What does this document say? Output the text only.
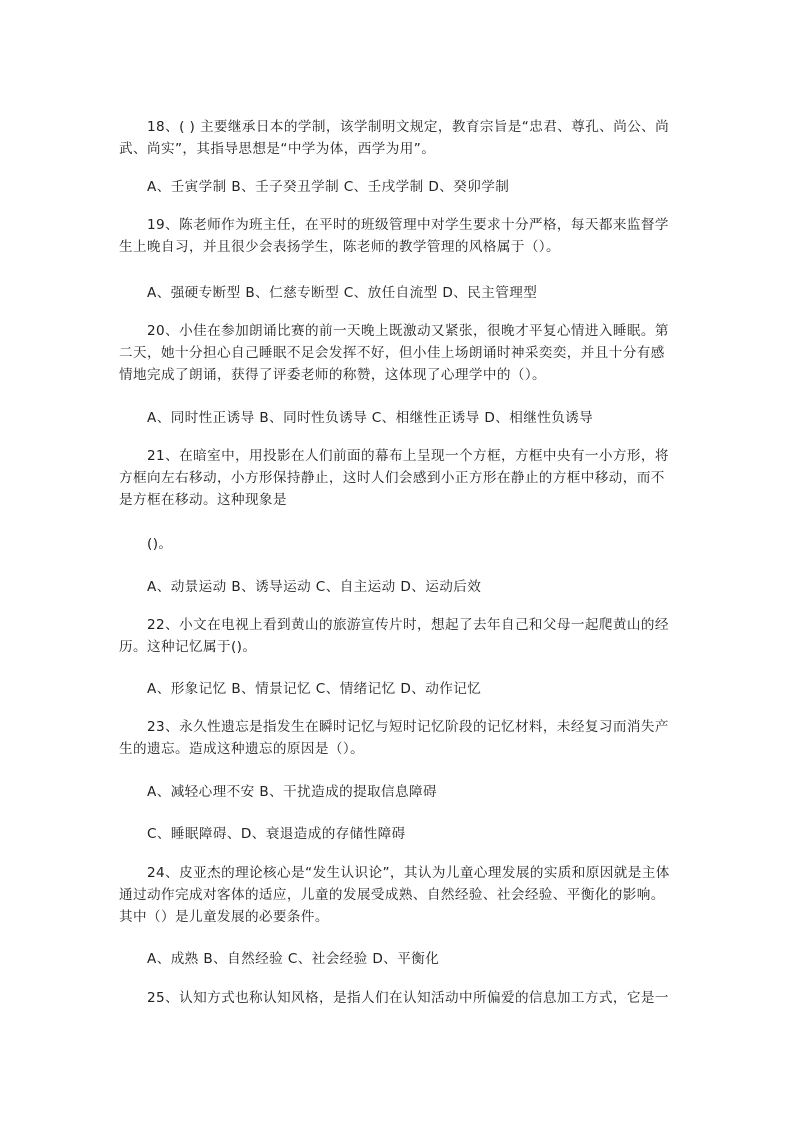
18、( ) 主要继承日本的学制，该学制明文规定，教育宗旨是“忠君、尊孔、尚公、尚
武、尚实”，其指导思想是“中学为体，西学为用”。
A、壬寅学制 B、壬子癸丑学制 C、壬戌学制 D、癸卯学制
19、陈老师作为班主任，在平时的班级管理中对学生要求十分严格，每天都来监督学
生上晚自习，并且很少会表扬学生，陈老师的教学管理的风格属于（）。
A、强硬专断型 B、仁慈专断型 C、放任自流型 D、民主管理型
20、小佳在参加朗诵比赛的前一天晚上既激动又紧张，很晚才平复心情进入睡眠。第
二天，她十分担心自己睡眠不足会发挥不好，但小佳上场朗诵时神采奕奕，并且十分有感
情地完成了朗诵，获得了评委老师的称赞，这体现了心理学中的（）。
A、同时性正诱导 B、同时性负诱导 C、相继性正诱导 D、相继性负诱导
21、在暗室中，用投影在人们前面的幕布上呈现一个方框，方框中央有一小方形，将
方框向左右移动，小方形保持静止，这时人们会感到小正方形在静止的方框中移动，而不
是方框在移动。这种现象是
()。
A、动景运动 B、诱导运动 C、自主运动 D、运动后效
22、小文在电视上看到黄山的旅游宣传片时，想起了去年自己和父母一起爬黄山的经
历。这种记忆属于()。
A、形象记忆 B、情景记忆 C、情绪记忆 D、动作记忆
23、永久性遗忘是指发生在瞬时记忆与短时记忆阶段的记忆材料，未经复习而消失产
生的遗忘。造成这种遗忘的原因是（）。
A、减轻心理不安 B、干扰造成的提取信息障碍
C、睡眠障碍、D、衰退造成的存储性障碍
24、皮亚杰的理论核心是“发生认识论”，其认为儿童心理发展的实质和原因就是主体
通过动作完成对客体的适应，儿童的发展受成熟、自然经验、社会经验、平衡化的影响。
其中（）是儿童发展的必要条件。
A、成熟 B、自然经验 C、社会经验 D、平衡化
25、认知方式也称认知风格，是指人们在认知活动中所偏爱的信息加工方式，它是一
